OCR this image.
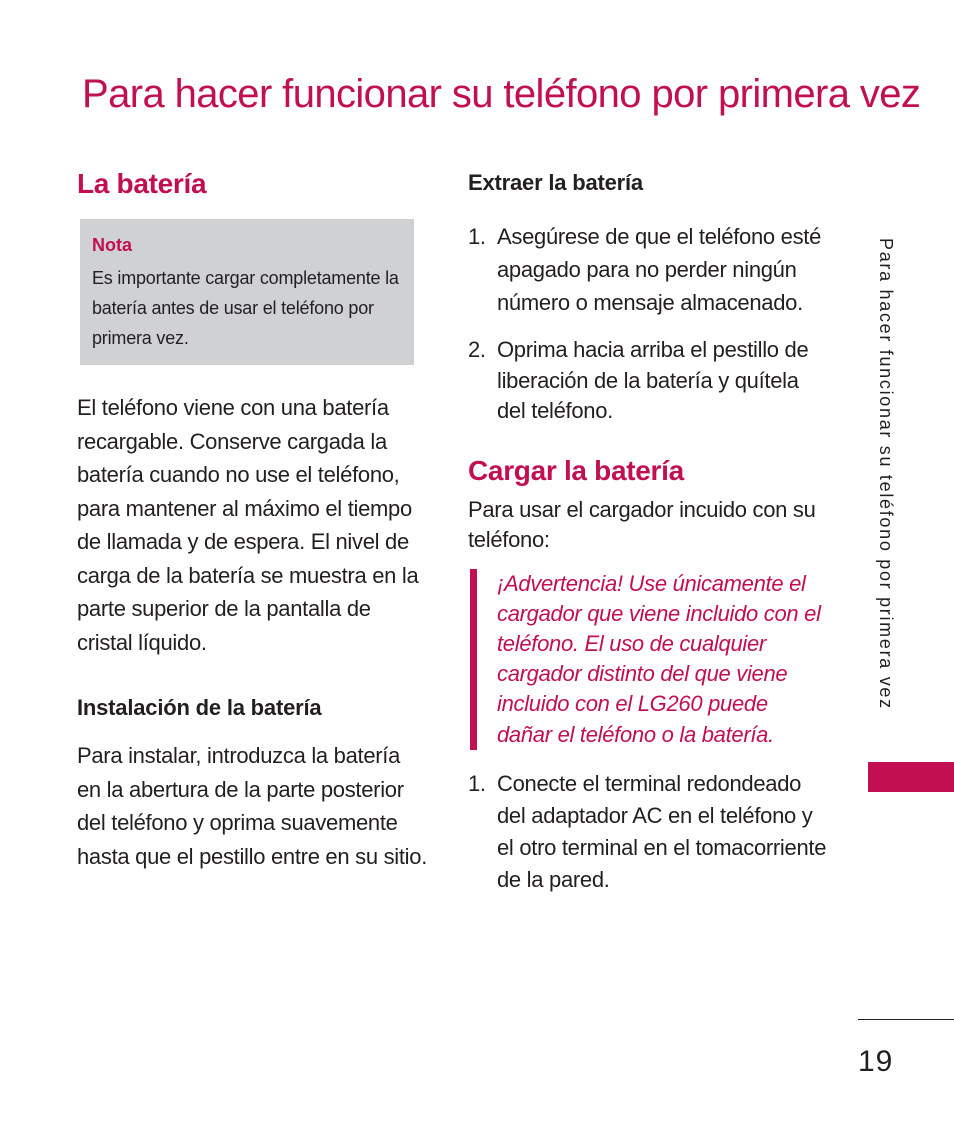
Para hacer funcionar su teléfono por primera vez
La batería

Nota

Es importante cargar completamente la batería antes de usar el teléfono por primera vez.

El teléfono viene con una batería recargable. Conserve cargada la batería cuando no use el teléfono, para mantener al máximo el tiempo de llamada y de espera. El nivel de carga de la batería se muestra en la parte superior de la pantalla de cristal líquido.

Instalación de la batería

Para instalar, introduzca la batería en la abertura de la parte posterior del teléfono y oprima suavemente hasta que el pestillo entre en su sitio.

Extraer la batería
1. Asegúrese de que el teléfono esté apagado para no perder ningún número o mensaje almacenado.
2. Oprima hacia arriba el pestillo de liberación de la batería y quítela del teléfono.
Cargar la batería

Para usar el cargador incuido con su teléfono:

¡Advertencia! Use únicamente el cargador que viene incluido con el teléfono. El uso de cualquier cargador distinto del que viene incluido con el LG260 puede dañar el teléfono o la batería.
1. Conecte el terminal redondeado del adaptador AC en el teléfono y el otro terminal en el tomacorriente de la pared.
Para hacer funcionar su teléfono por primera vez
19
